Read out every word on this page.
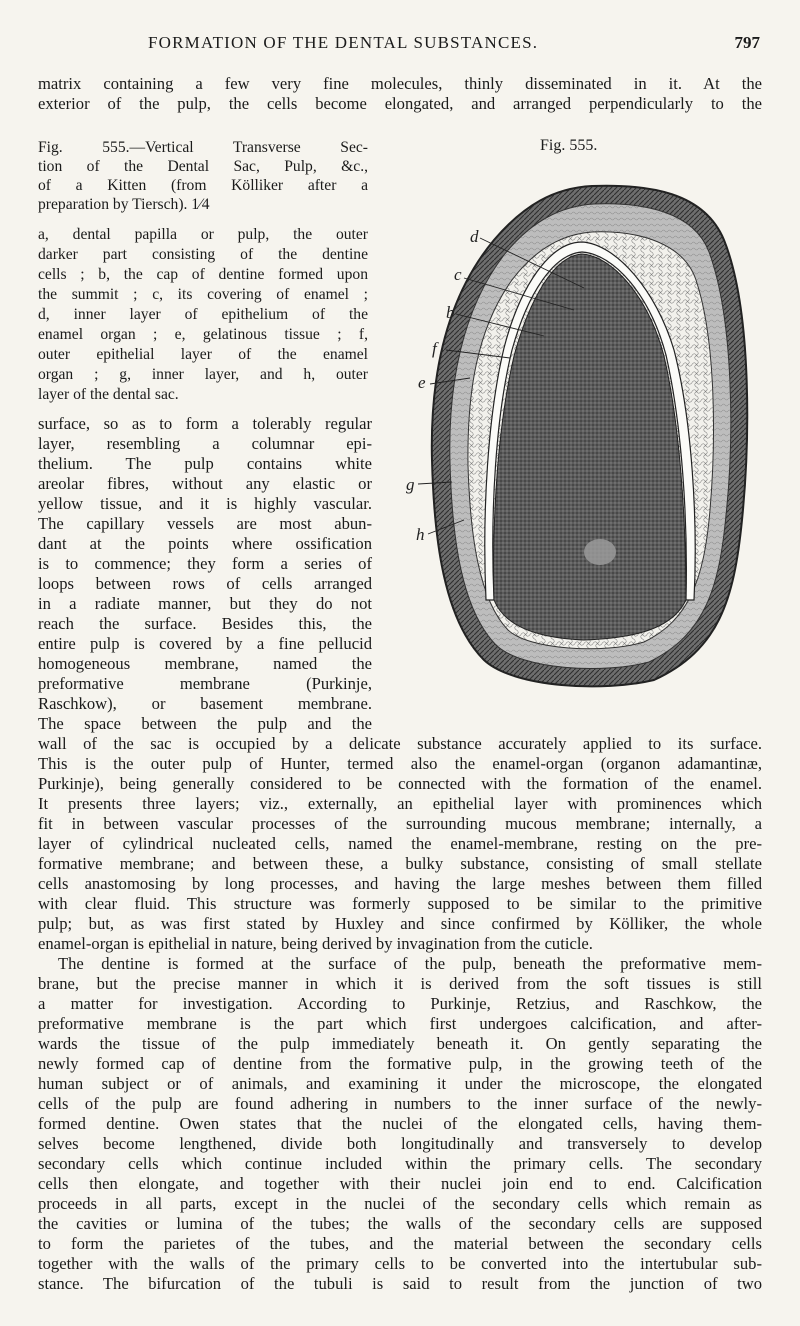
FORMATION OF THE DENTAL SUBSTANCES.	797
matrix containing a few very fine molecules, thinly disseminated in it. At the
exterior of the pulp, the cells become elongated, and arranged perpendicularly to the
Fig. 555.
Fig. 555.—Vertical Transverse Sec-
tion of the Dental Sac, Pulp, &c.,
of a Kitten (from Kölliker after a
preparation by Tiersch). 1⁄4
a, dental papilla or pulp, the outer
darker part consisting of the dentine
cells ; b, the cap of dentine formed upon
the summit ; c, its covering of enamel ;
d, inner layer of epithelium of the
enamel organ ; e, gelatinous tissue ; f,
outer epithelial layer of the enamel
organ ; g, inner layer, and h, outer
layer of the dental sac.
surface, so as to form a tolerably regular
layer, resembling a columnar epi-
thelium. The pulp contains white
areolar fibres, without any elastic or
yellow tissue, and it is highly vascular.
The capillary vessels are most abun-
dant at the points where ossification
is to commence; they form a series of
loops between rows of cells arranged
in a radiate manner, but they do not
reach the surface. Besides this, the
entire pulp is covered by a fine pellucid
homogeneous membrane, named the
preformative membrane (Purkinje,
Raschkow), or basement membrane.
The space between the pulp and the
wall of the sac is occupied by a delicate substance accurately applied to its surface.
This is the outer pulp of Hunter, termed also the enamel-organ (organon adamantinæ,
Purkinje), being generally considered to be connected with the formation of the enamel.
It presents three layers; viz., externally, an epithelial layer with prominences which
fit in between vascular processes of the surrounding mucous membrane; internally, a
layer of cylindrical nucleated cells, named the enamel-membrane, resting on the pre-
formative membrane; and between these, a bulky substance, consisting of small stellate
cells anastomosing by long processes, and having the large meshes between them filled
with clear fluid. This structure was formerly supposed to be similar to the primitive
pulp; but, as was first stated by Huxley and since confirmed by Kölliker, the whole
enamel-organ is epithelial in nature, being derived by invagination from the cuticle.
The dentine is formed at the surface of the pulp, beneath the preformative mem-
brane, but the precise manner in which it is derived from the soft tissues is still
a matter for investigation. According to Purkinje, Retzius, and Raschkow, the
preformative membrane is the part which first undergoes calcification, and after-
wards the tissue of the pulp immediately beneath it. On gently separating the
newly formed cap of dentine from the formative pulp, in the growing teeth of the
human subject or of animals, and examining it under the microscope, the elongated
cells of the pulp are found adhering in numbers to the inner surface of the newly-
formed dentine. Owen states that the nuclei of the elongated cells, having them-
selves become lengthened, divide both longitudinally and transversely to develop
secondary cells which continue included within the primary cells. The secondary
cells then elongate, and together with their nuclei join end to end. Calcification
proceeds in all parts, except in the nuclei of the secondary cells which remain as
the cavities or lumina of the tubes; the walls of the secondary cells are supposed
to form the parietes of the tubes, and the material between the secondary cells
together with the walls of the primary cells to be converted into the intertubular sub-
stance. The bifurcation of the tubuli is said to result from the junction of two
d
c
b
f
e
g
h
